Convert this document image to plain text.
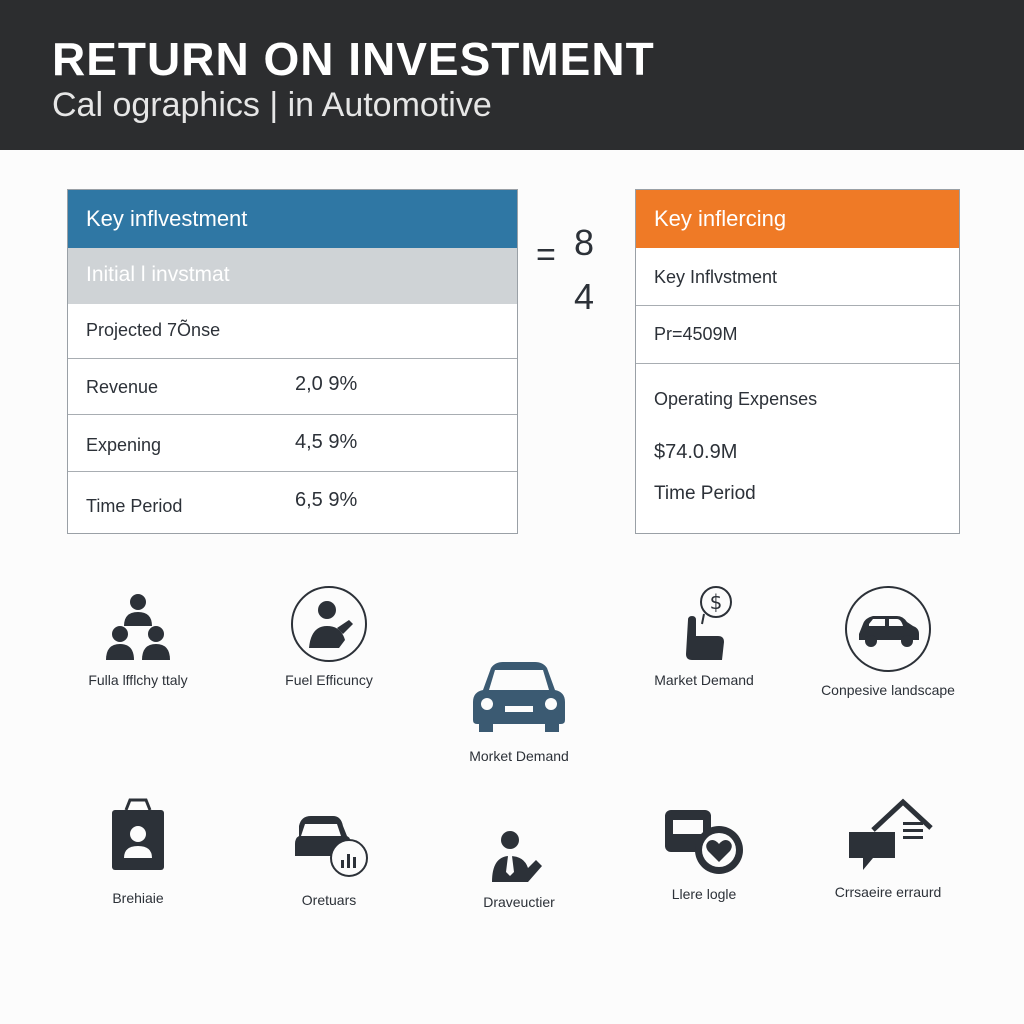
RETURN ON INVESTMENT
Cal ographics | in Automotive
Key inflvestment
Initial l invstmat
Projected 7Õnse
Revenue	2,0 9%
Expening	4,5 9%
Time Period	6,5 9%
= 8
4
Key inflercing
Key Inflvstment
Pr=4509M
Operating Expenses
$74.0.9M
Time Period
Fulla lfflchy ttaly	Fuel Efficuncy
Morket Demand
$
Market Demand
Conpesive landscape
Brehiaie	Oretuars	Draveuctier	Llere logle	Crrsaeire erraurd
